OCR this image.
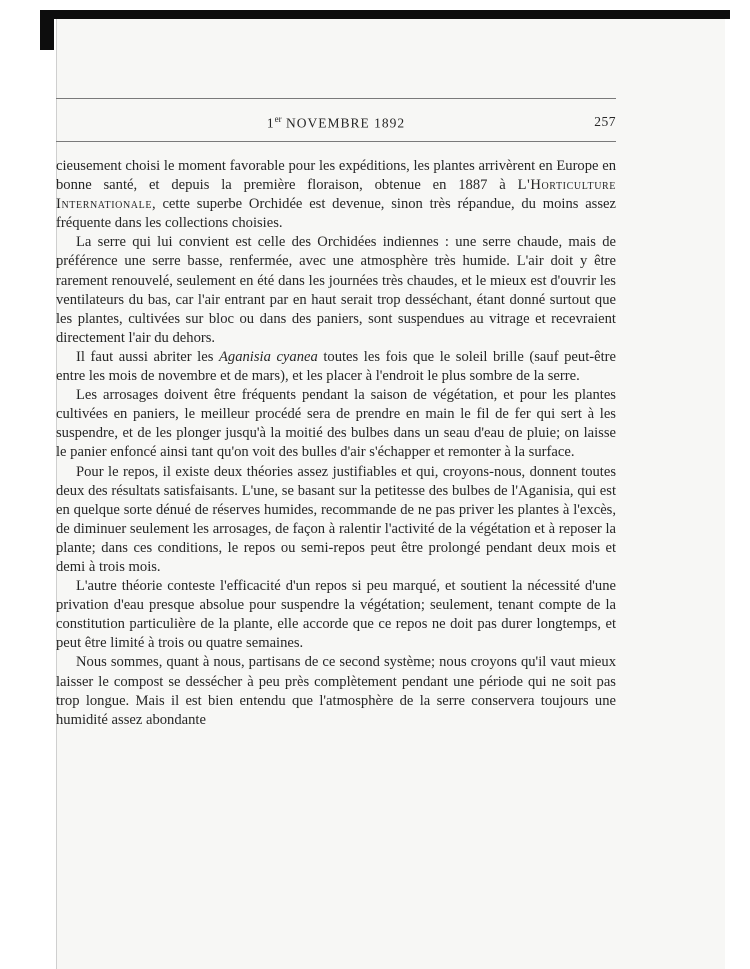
1er NOVEMBRE 1892	257

cieusement choisi le moment favorable pour les expéditions, les plantes arrivèrent en Europe en bonne santé, et depuis la première floraison, obtenue en 1887 à L'Horticulture Internationale, cette superbe Orchidée est devenue, sinon très répandue, du moins assez fréquente dans les collections choisies.

La serre qui lui convient est celle des Orchidées indiennes : une serre chaude, mais de préférence une serre basse, renfermée, avec une atmosphère très humide. L'air doit y être rarement renouvelé, seulement en été dans les journées très chaudes, et le mieux est d'ouvrir les ventilateurs du bas, car l'air entrant par en haut serait trop desséchant, étant donné surtout que les plantes, cultivées sur bloc ou dans des paniers, sont suspendues au vitrage et recevraient directement l'air du dehors.

Il faut aussi abriter les Aganisia cyanea toutes les fois que le soleil brille (sauf peut-être entre les mois de novembre et de mars), et les placer à l'endroit le plus sombre de la serre.

Les arrosages doivent être fréquents pendant la saison de végétation, et pour les plantes cultivées en paniers, le meilleur procédé sera de prendre en main le fil de fer qui sert à les suspendre, et de les plonger jusqu'à la moitié des bulbes dans un seau d'eau de pluie; on laisse le panier enfoncé ainsi tant qu'on voit des bulles d'air s'échapper et remonter à la surface.

Pour le repos, il existe deux théories assez justifiables et qui, croyons-nous, donnent toutes deux des résultats satisfaisants. L'une, se basant sur la petitesse des bulbes de l'Aganisia, qui est en quelque sorte dénué de réserves humides, recommande de ne pas priver les plantes à l'excès, de diminuer seulement les arrosages, de façon à ralentir l'activité de la végétation et à reposer la plante; dans ces conditions, le repos ou semi-repos peut être prolongé pendant deux mois et demi à trois mois.

L'autre théorie conteste l'efficacité d'un repos si peu marqué, et soutient la nécessité d'une privation d'eau presque absolue pour suspendre la végétation; seulement, tenant compte de la constitution particulière de la plante, elle accorde que ce repos ne doit pas durer longtemps, et peut être limité à trois ou quatre semaines.

Nous sommes, quant à nous, partisans de ce second système; nous croyons qu'il vaut mieux laisser le compost se dessécher à peu près complètement pendant une période qui ne soit pas trop longue. Mais il est bien entendu que l'atmosphère de la serre conservera toujours une humidité assez abondante
